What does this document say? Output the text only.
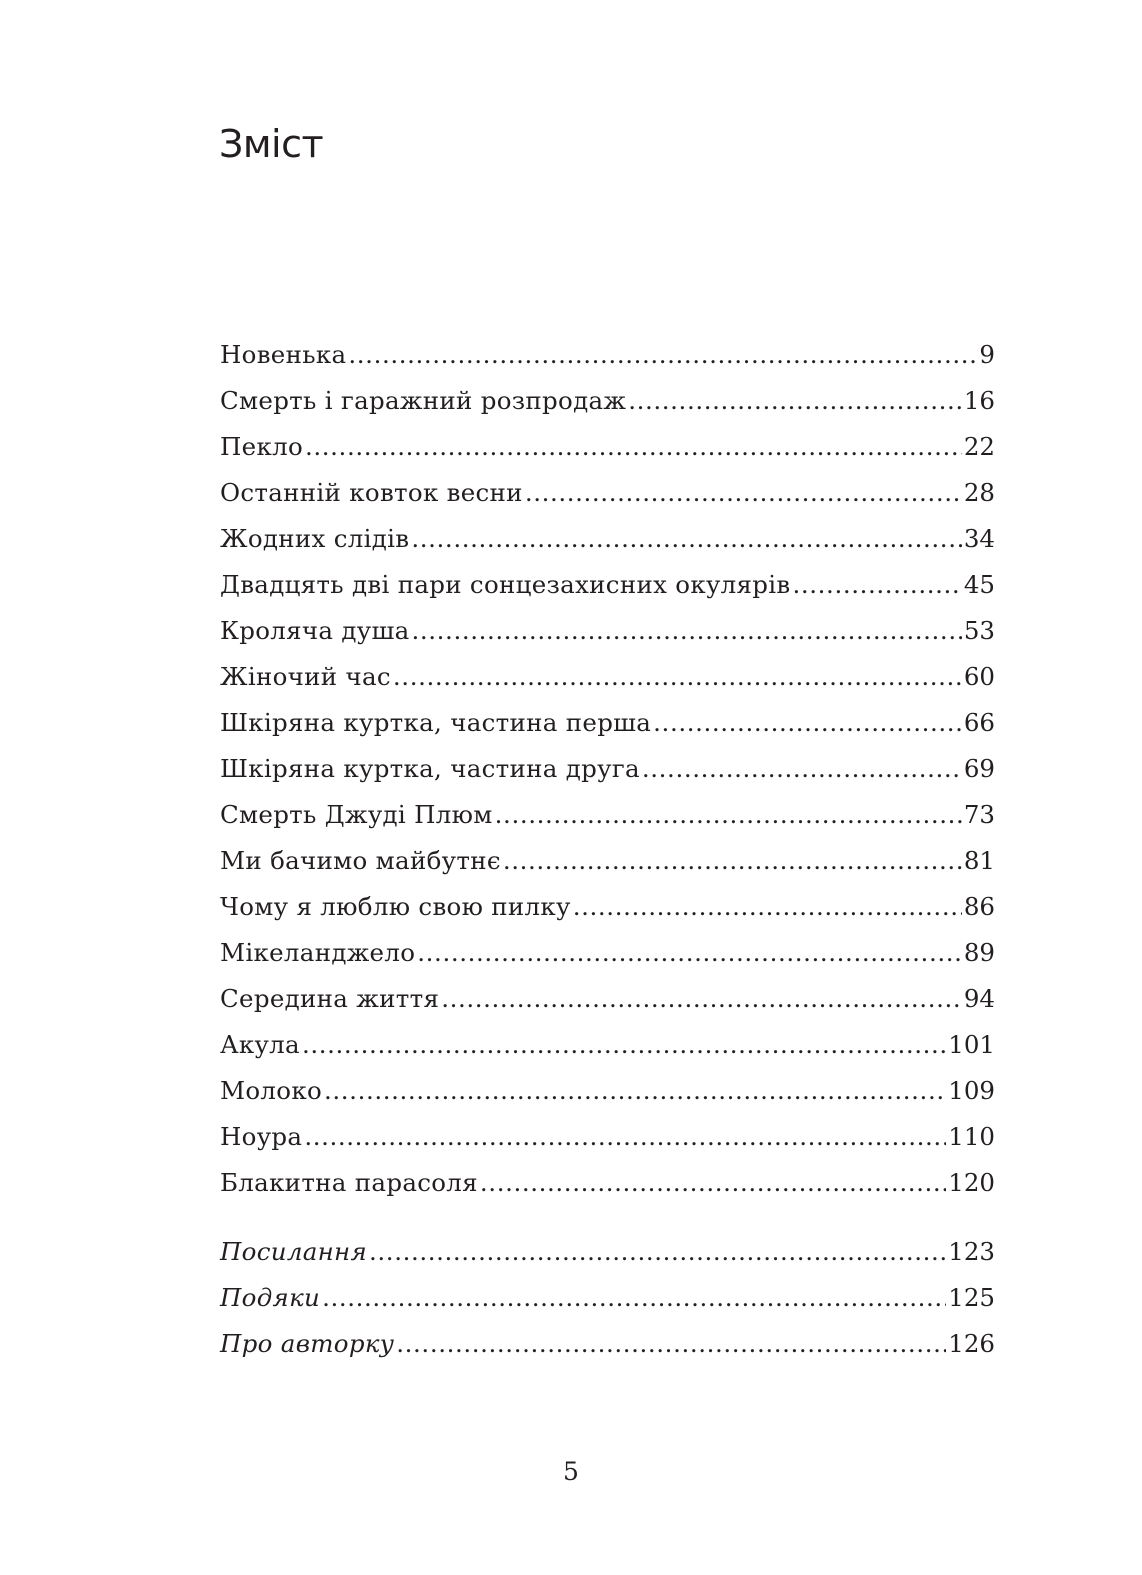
Зміст
Новенька .....	9
Смерть і гаражний розпродаж .....	16
Пекло .....	22
Останній ковток весни .....	28
Жодних слідів .....	34
Двадцять дві пари сонцезахисних окулярів .....	45
Кроляча душа .....	53
Жіночий час .....	60
Шкіряна куртка, частина перша .....	66
Шкіряна куртка, частина друга .....	69
Смерть Джуді Плюм .....	73
Ми бачимо майбутнє .....	81
Чому я люблю свою пилку .....	86
Мікеланджело .....	89
Середина життя .....	94
Акула .....	101
Молоко .....	109
Ноура .....	110
Блакитна парасоля .....	120
Посилання .....	123
Подяки .....	125
Про авторку .....	126
5
